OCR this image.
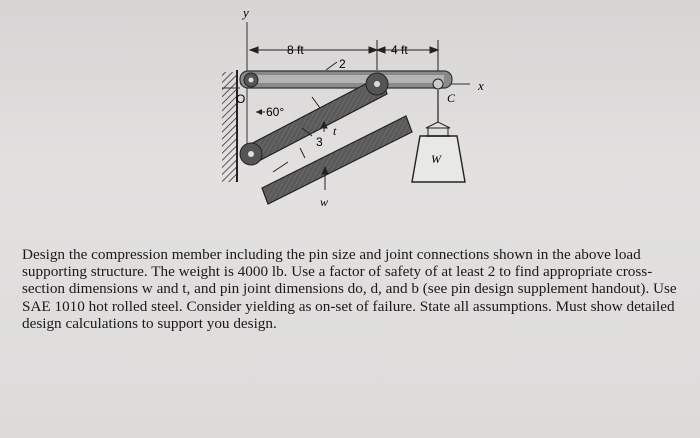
y
x
8 ft	4 ft
2
O	C
60°
3
t
w
W
Design the compression member including the pin size and joint connections shown in the above load supporting structure. The weight is 4000 lb. Use a factor of safety of at least 2 to find appropriate cross-section dimensions w and t, and pin joint dimensions do, d, and b (see pin design supplement handout). Use SAE 1010 hot rolled steel. Consider yielding as on-set of failure. State all assumptions. Must show detailed design calculations to support you design.
